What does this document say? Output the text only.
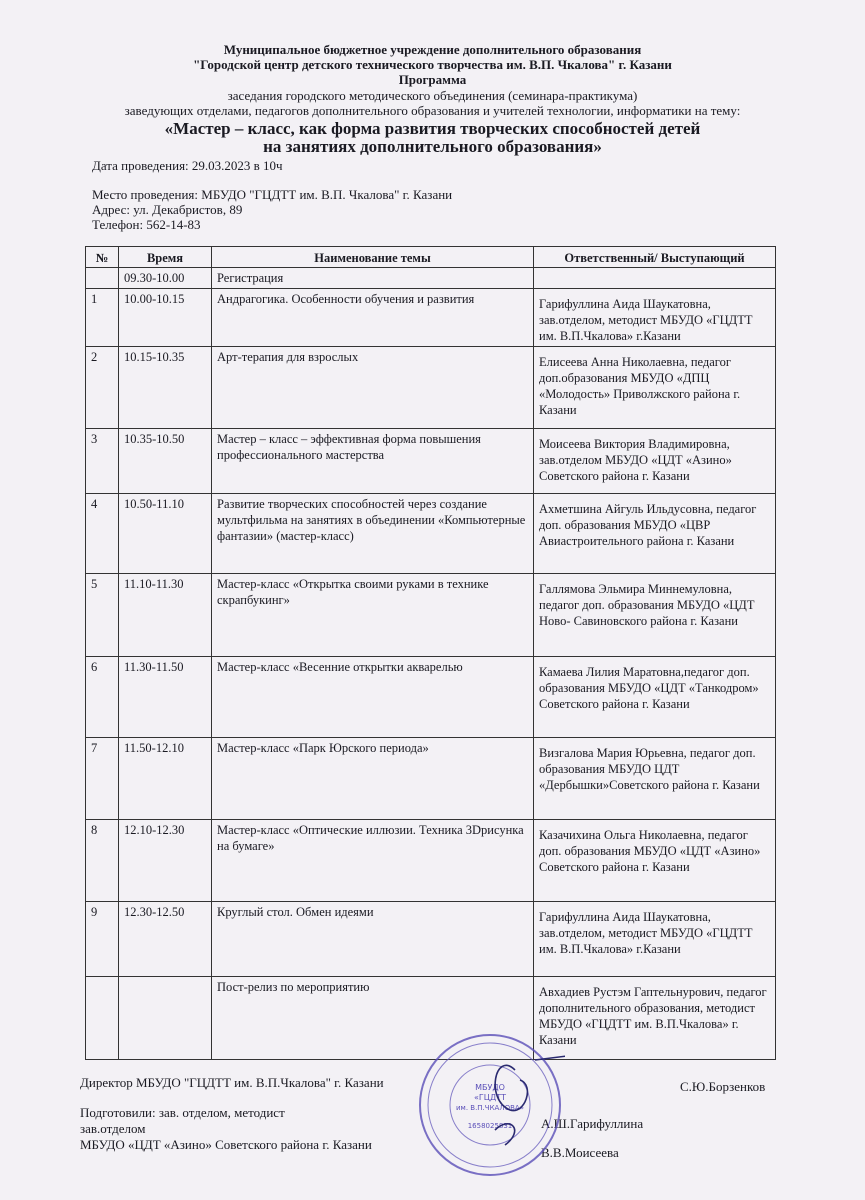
Муниципальное бюджетное учреждение дополнительного образования
"Городской центр детского технического творчества им. В.П. Чкалова" г. Казани
Программа
заседания городского методического объединения (семинара-практикума)
заведующих отделами, педагогов дополнительного образования и учителей технологии, информатики на тему:
«Мастер – класс, как форма развития творческих способностей детей
на занятиях дополнительного образования»
Дата проведения: 29.03.2023 в 10ч
Место проведения: МБУДО "ГЦДТТ им. В.П. Чкалова" г. Казани
Адрес: ул. Декабристов, 89
Телефон: 562-14-83
№	Время	Наименование темы	Ответственный/ Выступающий
	09.30-10.00	Регистрация	
1	10.00-10.15	Андрагогика. Особенности обучения и развития	Гарифуллина Аида Шаукатовна, зав.отделом, методист МБУДО «ГЦДТТ им. В.П.Чкалова» г.Казани
2	10.15-10.35	Арт-терапия для взрослых	Елисеева Анна Николаевна, педагог доп.образования МБУДО «ДПЦ «Молодость» Приволжского района г. Казани
3	10.35-10.50	Мастер – класс – эффективная форма повышения профессионального мастерства	Моисеева Виктория Владимировна, зав.отделом МБУДО «ЦДТ «Азино» Советского района г. Казани
4	10.50-11.10	Развитие творческих способностей через создание мультфильма на занятиях в объединении «Компьютерные фантазии» (мастер-класс)	Ахметшина Айгуль Ильдусовна, педагог доп. образования МБУДО «ЦВР Авиастроительного района г. Казани
5	11.10-11.30	Мастер-класс «Открытка своими руками в технике скрапбукинг»	Галлямова Эльмира Миннемуловна, педагог доп. образования МБУДО «ЦДТ Ново- Савиновского района г. Казани
6	11.30-11.50	Мастер-класс «Весенние открытки акварелью	Камаева Лилия Маратовна,педагог доп. образования МБУДО «ЦДТ «Танкодром» Советского района г. Казани
7	11.50-12.10	Мастер-класс «Парк Юрского периода»	Визгалова Мария Юрьевна, педагог доп. образования МБУДО ЦДТ «Дербышки»Советского района г. Казани
8	12.10-12.30	Мастер-класс «Оптические иллюзии. Техника 3Dрисунка на бумаге»	Казачихина Ольга Николаевна, педагог доп. образования МБУДО «ЦДТ «Азино» Советского района г. Казани
9	12.30-12.50	Круглый стол. Обмен идеями	Гарифуллина Аида Шаукатовна, зав.отделом, методист МБУДО «ГЦДТТ им. В.П.Чкалова» г.Казани
		Пост-релиз по мероприятию	Авхадиев Рустэм Гаптельнурович, педагог дополнительного образования, методист МБУДО «ГЦДТТ им. В.П.Чкалова» г. Казани
Директор МБУДО "ГЦДТТ им. В.П.Чкалова" г. Казани	С.Ю.Борзенков
Подготовили: зав. отделом, методист
зав.отделом
МБУДО «ЦДТ «Азино» Советского района г. Казани
А.Ш.Гарифуллина
В.В.Моисеева
МБУДО
«ГЦДТТ
им. В.П.ЧКАЛОВА»
1658025831
